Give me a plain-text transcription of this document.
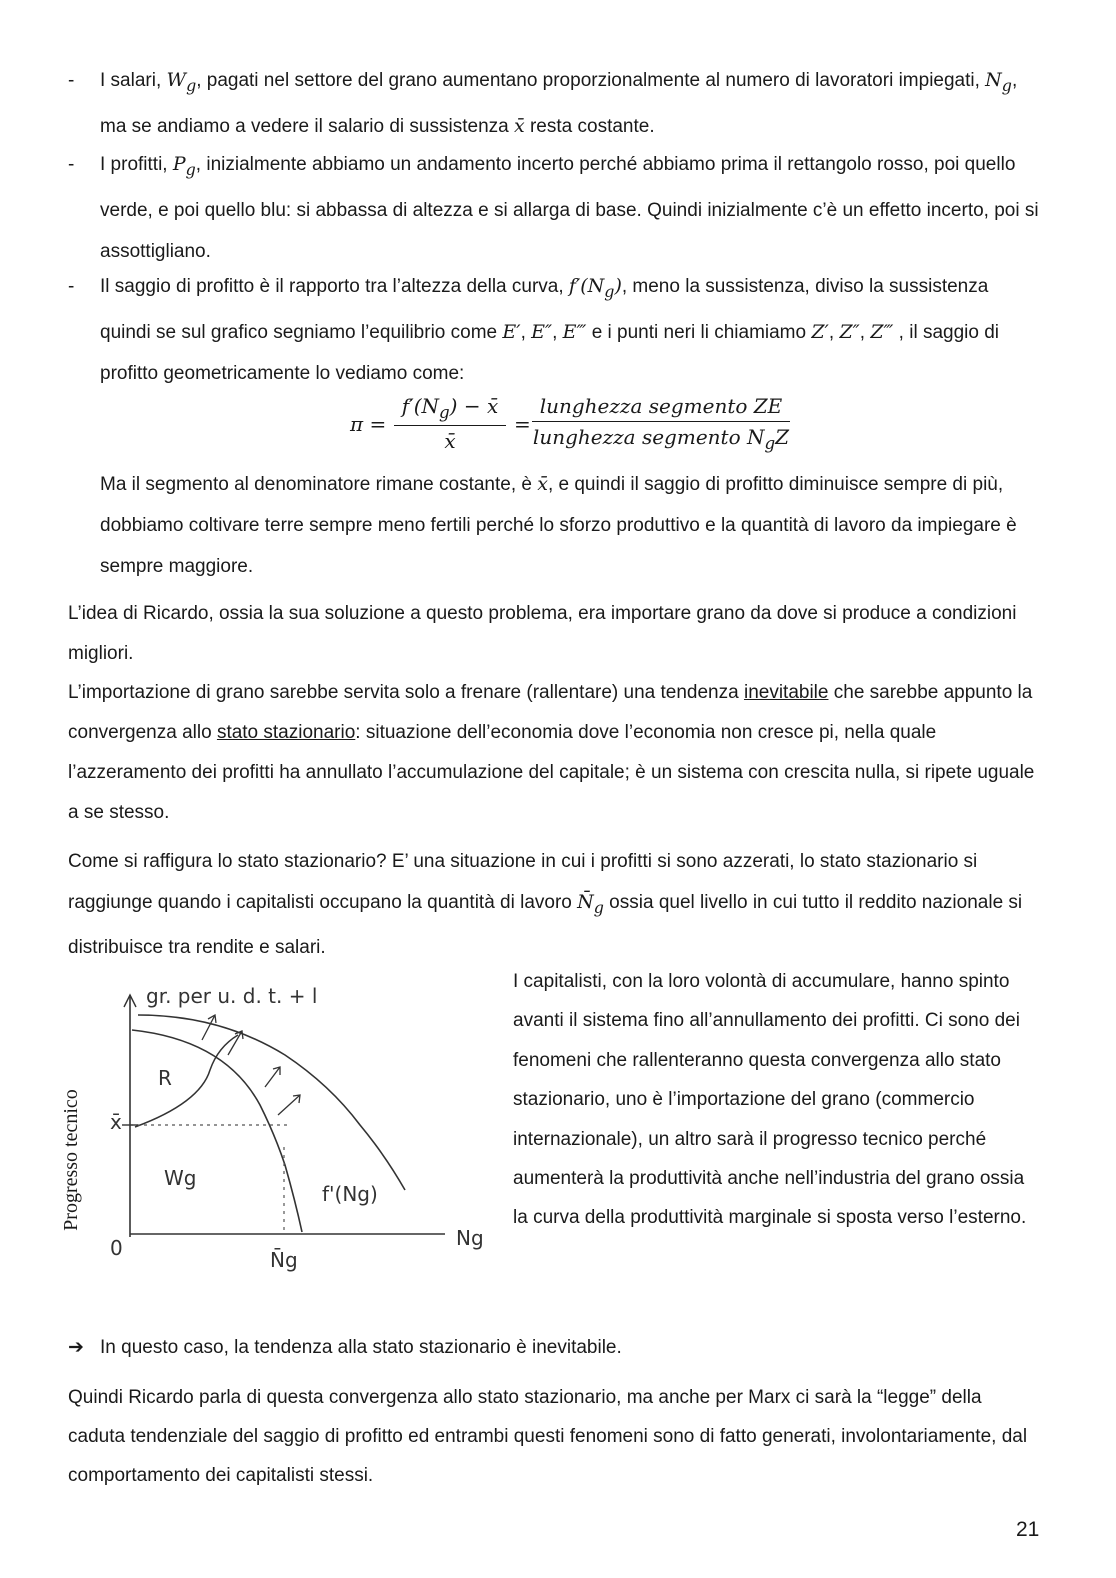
-	I salari, $W_g$, pagati nel settore del grano aumentano proporzionalmente al numero di lavoratori impiegati, $N_g$, ma se andiamo a vedere il salario di sussistenza x̄ resta costante.
-	I profitti, $P_g$, inizialmente abbiamo un andamento incerto perché abbiamo prima il rettangolo rosso, poi quello verde, e poi quello blu: si abbassa di altezza e si allarga di base. Quindi inizialmente c’è un effetto incerto, poi si assottigliano.
-	Il saggio di profitto è il rapporto tra l’altezza della curva, $f'(N_g)$, meno la sussistenza, diviso la sussistenza quindi se sul grafico segniamo l’equilibrio come E′, E″, E‴ e i punti neri li chiamiamo Z′, Z″, Z‴ , il saggio di profitto geometricamente lo vediamo come:
$\pi = \frac{f'(N_g) - x̄}{x̄}$ =
lunghezza segmento ZE
lunghezza segmento $N_gZ$
Ma il segmento al denominatore rimane costante, è x̄, e quindi il saggio di profitto diminuisce sempre di più, dobbiamo coltivare terre sempre meno fertili perché lo sforzo produttivo e la quantità di lavoro da impiegare è sempre maggiore.

L’idea di Ricardo, ossia la sua soluzione a questo problema, era importare grano da dove si produce a condizioni migliori.

L’importazione di grano sarebbe servita solo a frenare (rallentare) una tendenza inevitabile che sarebbe appunto la convergenza allo stato stazionario: situazione dell’economia dove l’economia non cresce pi, nella quale l’azzeramento dei profitti ha annullato l’accumulazione del capitale; è un sistema con crescita nulla, si ripete uguale a se stesso.

Come si raffigura lo stato stazionario? E’ una situazione in cui i profitti si sono azzerati, lo stato stazionario si raggiunge quando i capitalisti occupano la quantità di lavoro $N̄_g$ ossia quel livello in cui tutto il reddito nazionale si distribuisce tra rendite e salari.

Progresso tecnico
gr. per u. d. t. + l
x̄
R
Wg
f'(Ng)
Ng
N̄g
0
I capitalisti, con la loro volontà di accumulare, hanno spinto avanti il sistema fino all’annullamento dei profitti. Ci sono dei fenomeni che rallenteranno questa convergenza allo stato stazionario, uno è l’importazione del grano (commercio internazionale), un altro sarà il progresso tecnico perché aumenterà la produttività anche nell’industria del grano ossia la curva della produttività marginale si sposta verso l’esterno.
➔ In questo caso, la tendenza alla stato stazionario è inevitabile.

Quindi Ricardo parla di questa convergenza allo stato stazionario, ma anche per Marx ci sarà la “legge” della caduta tendenziale del saggio di profitto ed entrambi questi fenomeni sono di fatto generati, involontariamente, dal comportamento dei capitalisti stessi.

21
